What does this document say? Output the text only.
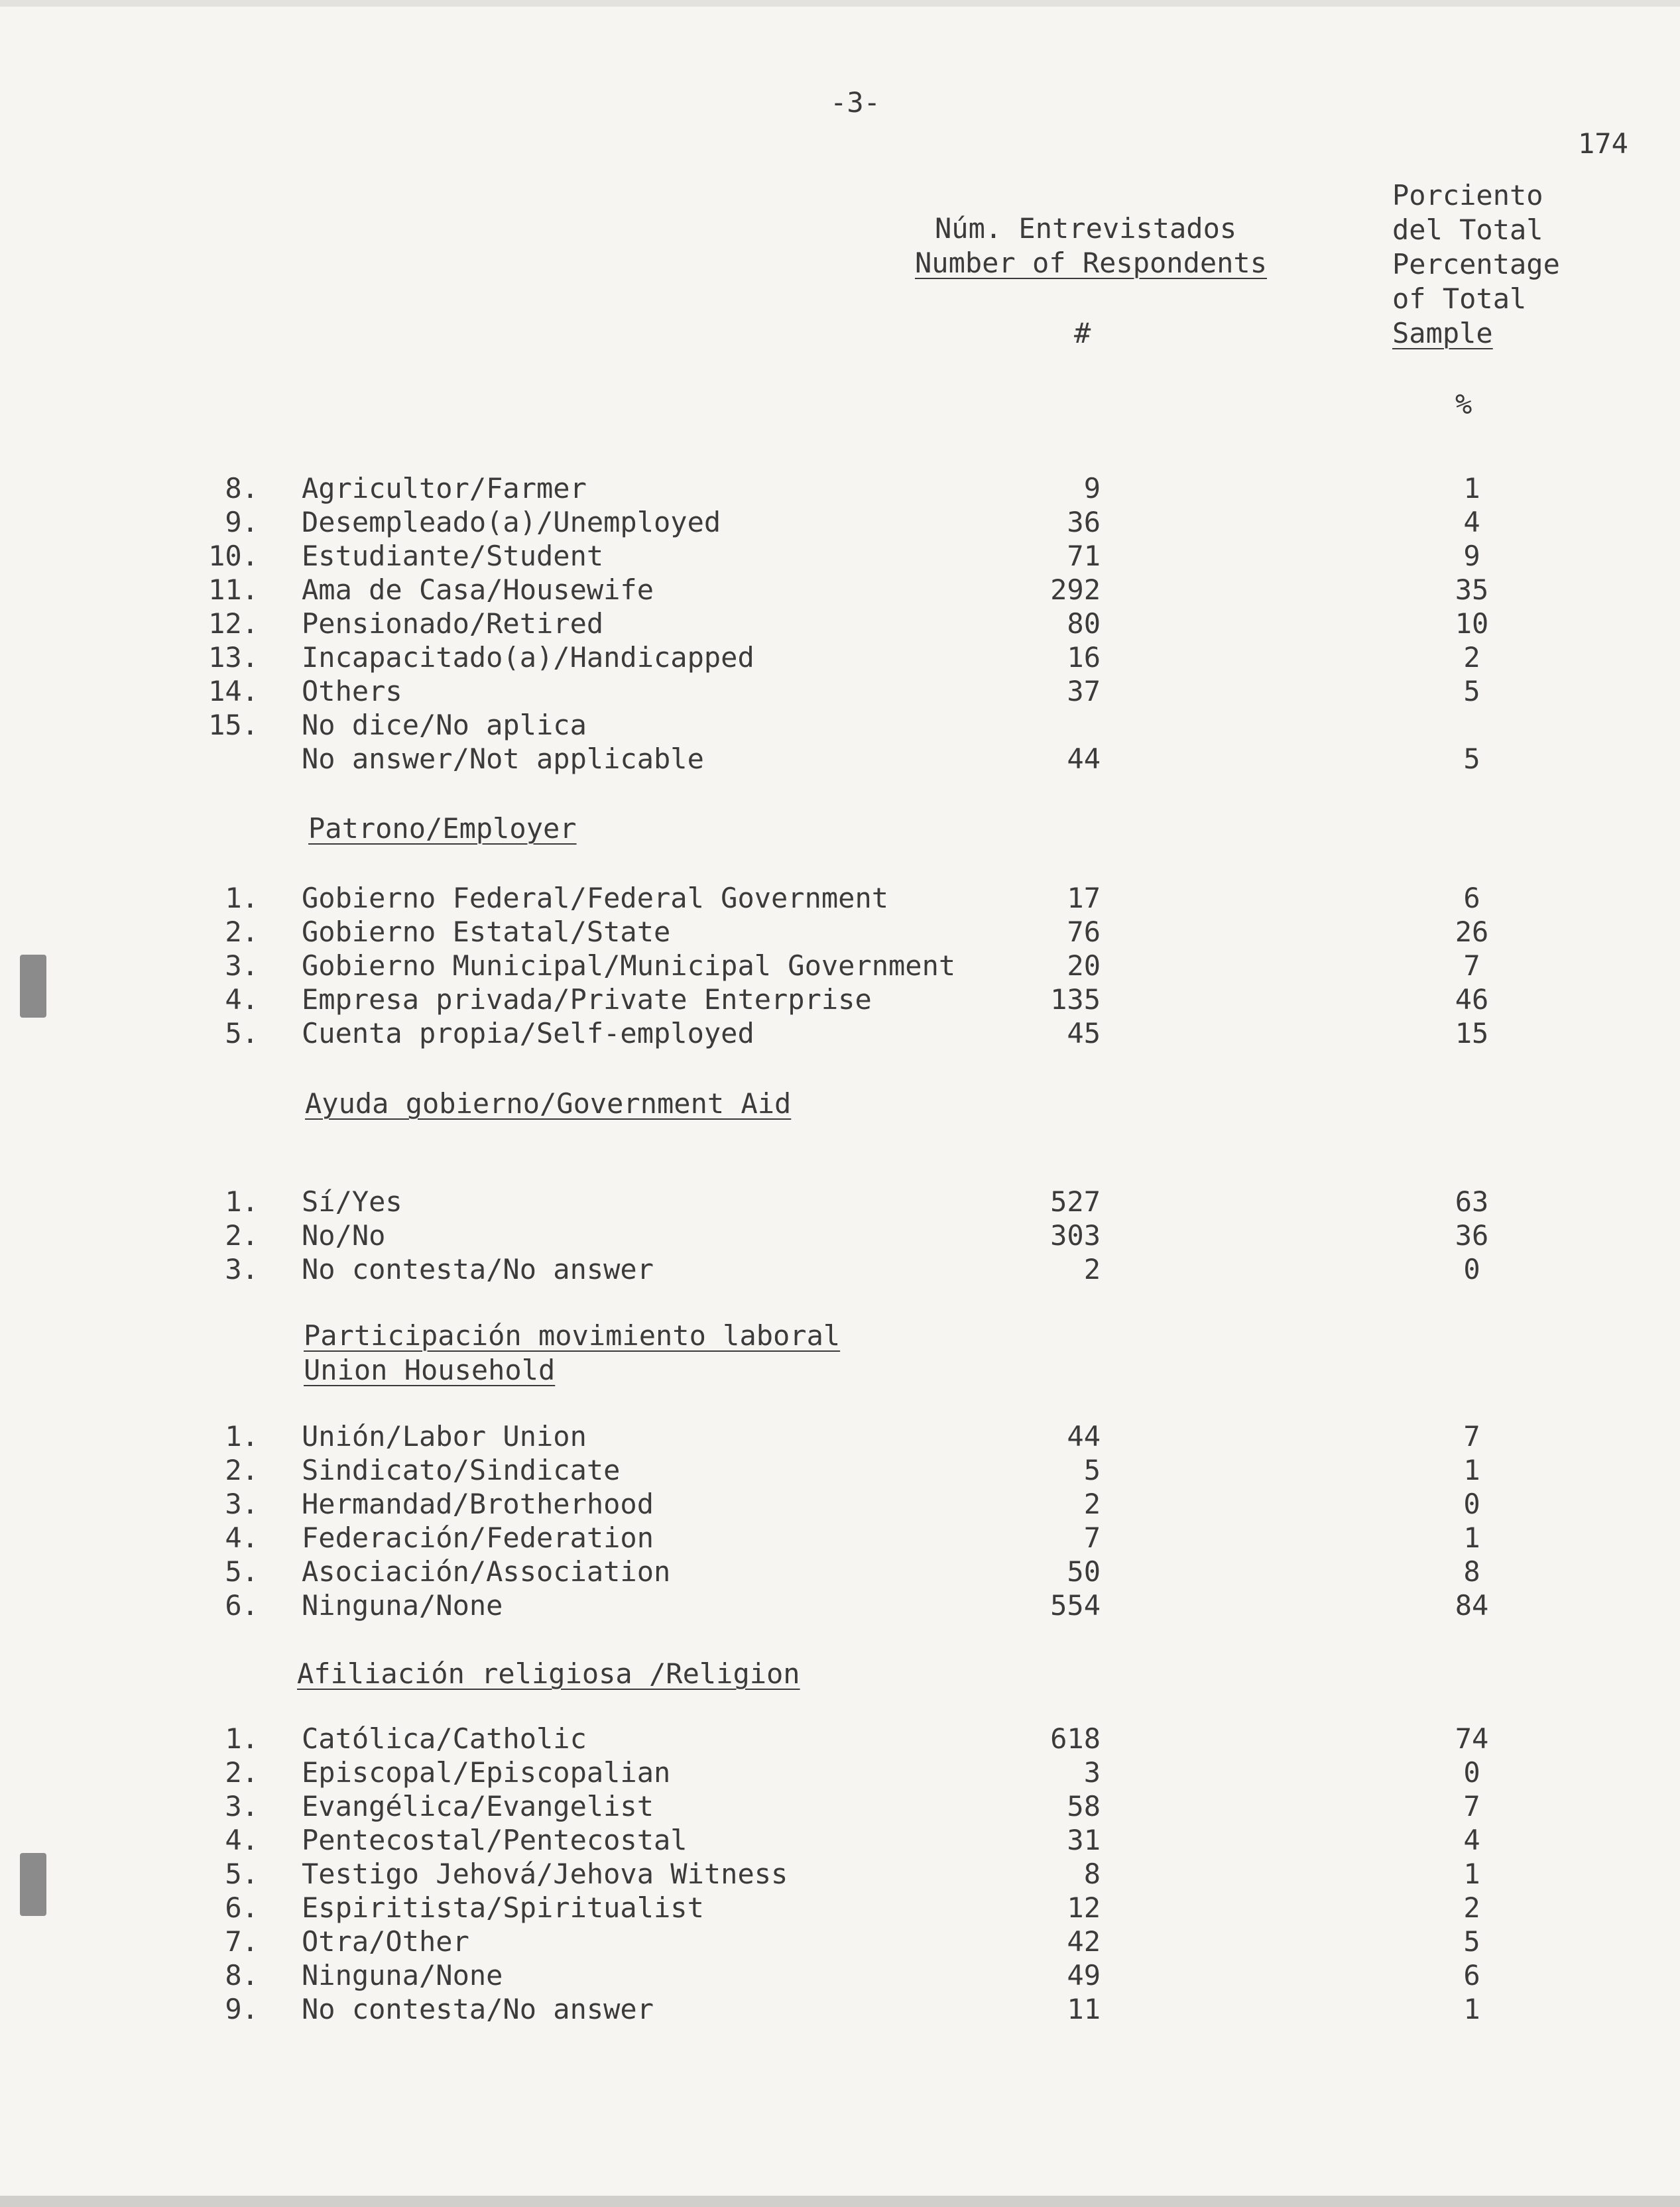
-3-
174
Núm. Entrevistados
Number of Respondents
#
Porciento
del Total
Percentage
of Total
Sample
%
8. Agricultor/Farmer	9	1
9. Desempleado(a)/Unemployed	36	4
10. Estudiante/Student	71	9
11. Ama de Casa/Housewife	292	35
12. Pensionado/Retired	80	10
13. Incapacitado(a)/Handicapped	16	2
14. Others	37	5
15. No dice/No aplica
No answer/Not applicable	44	5
Patrono/Employer
1. Gobierno Federal/Federal Government	17	6
2. Gobierno Estatal/State	76	26
3. Gobierno Municipal/Municipal Government	20	7
4. Empresa privada/Private Enterprise	135	46
5. Cuenta propia/Self-employed	45	15
Ayuda gobierno/Government Aid
1. Sí/Yes	527	63
2. No/No	303	36
3. No contesta/No answer	2	0
Participación movimiento laboral
Union Household
1. Unión/Labor Union	44	7
2. Sindicato/Sindicate	5	1
3. Hermandad/Brotherhood	2	0
4. Federación/Federation	7	1
5. Asociación/Association	50	8
6. Ninguna/None	554	84
Afiliación religiosa /Religion
1. Católica/Catholic	618	74
2. Episcopal/Episcopalian	3	0
3. Evangélica/Evangelist	58	7
4. Pentecostal/Pentecostal	31	4
5. Testigo Jehová/Jehova Witness	8	1
6. Espiritista/Spiritualist	12	2
7. Otra/Other	42	5
8. Ninguna/None	49	6
9. No contesta/No answer	11	1
